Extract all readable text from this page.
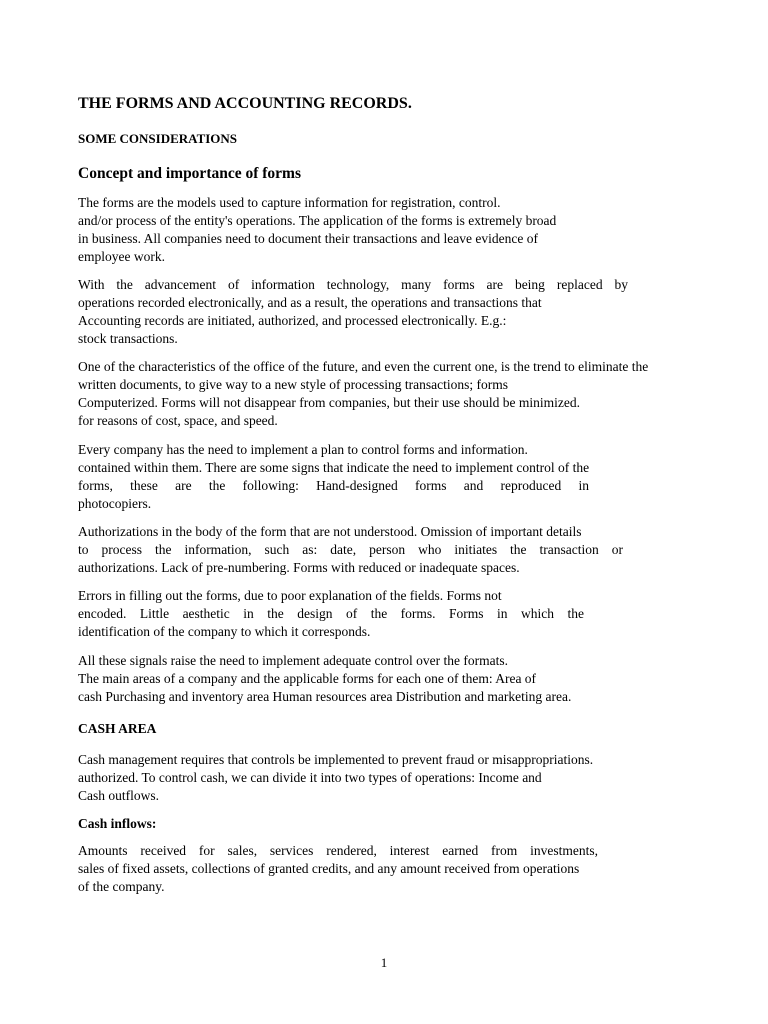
THE FORMS AND ACCOUNTING RECORDS.
SOME CONSIDERATIONS
Concept and importance of forms
The forms are the models used to capture information for registration, control.
and/or process of the entity's operations. The application of the forms is extremely broad
in business. All companies need to document their transactions and leave evidence of
employee work.
With the advancement of information technology, many forms are being replaced by
operations recorded electronically, and as a result, the operations and transactions that
Accounting records are initiated, authorized, and processed electronically. E.g.:
stock transactions.
One of the characteristics of the office of the future, and even the current one, is the trend to eliminate the
written documents, to give way to a new style of processing transactions; forms
Computerized. Forms will not disappear from companies, but their use should be minimized.
for reasons of cost, space, and speed.
Every company has the need to implement a plan to control forms and information.
contained within them. There are some signs that indicate the need to implement control of the
forms, these are the following: Hand-designed forms and reproduced in
photocopiers.
Authorizations in the body of the form that are not understood. Omission of important details
to process the information, such as: date, person who initiates the transaction or
authorizations. Lack of pre-numbering. Forms with reduced or inadequate spaces.
Errors in filling out the forms, due to poor explanation of the fields. Forms not
encoded. Little aesthetic in the design of the forms. Forms in which the
identification of the company to which it corresponds.
All these signals raise the need to implement adequate control over the formats.
The main areas of a company and the applicable forms for each one of them: Area of
cash Purchasing and inventory area Human resources area Distribution and marketing area.
CASH AREA
Cash management requires that controls be implemented to prevent fraud or misappropriations.
authorized. To control cash, we can divide it into two types of operations: Income and
Cash outflows.
Cash inflows:
Amounts received for sales, services rendered, interest earned from investments,
sales of fixed assets, collections of granted credits, and any amount received from operations
of the company.
1
